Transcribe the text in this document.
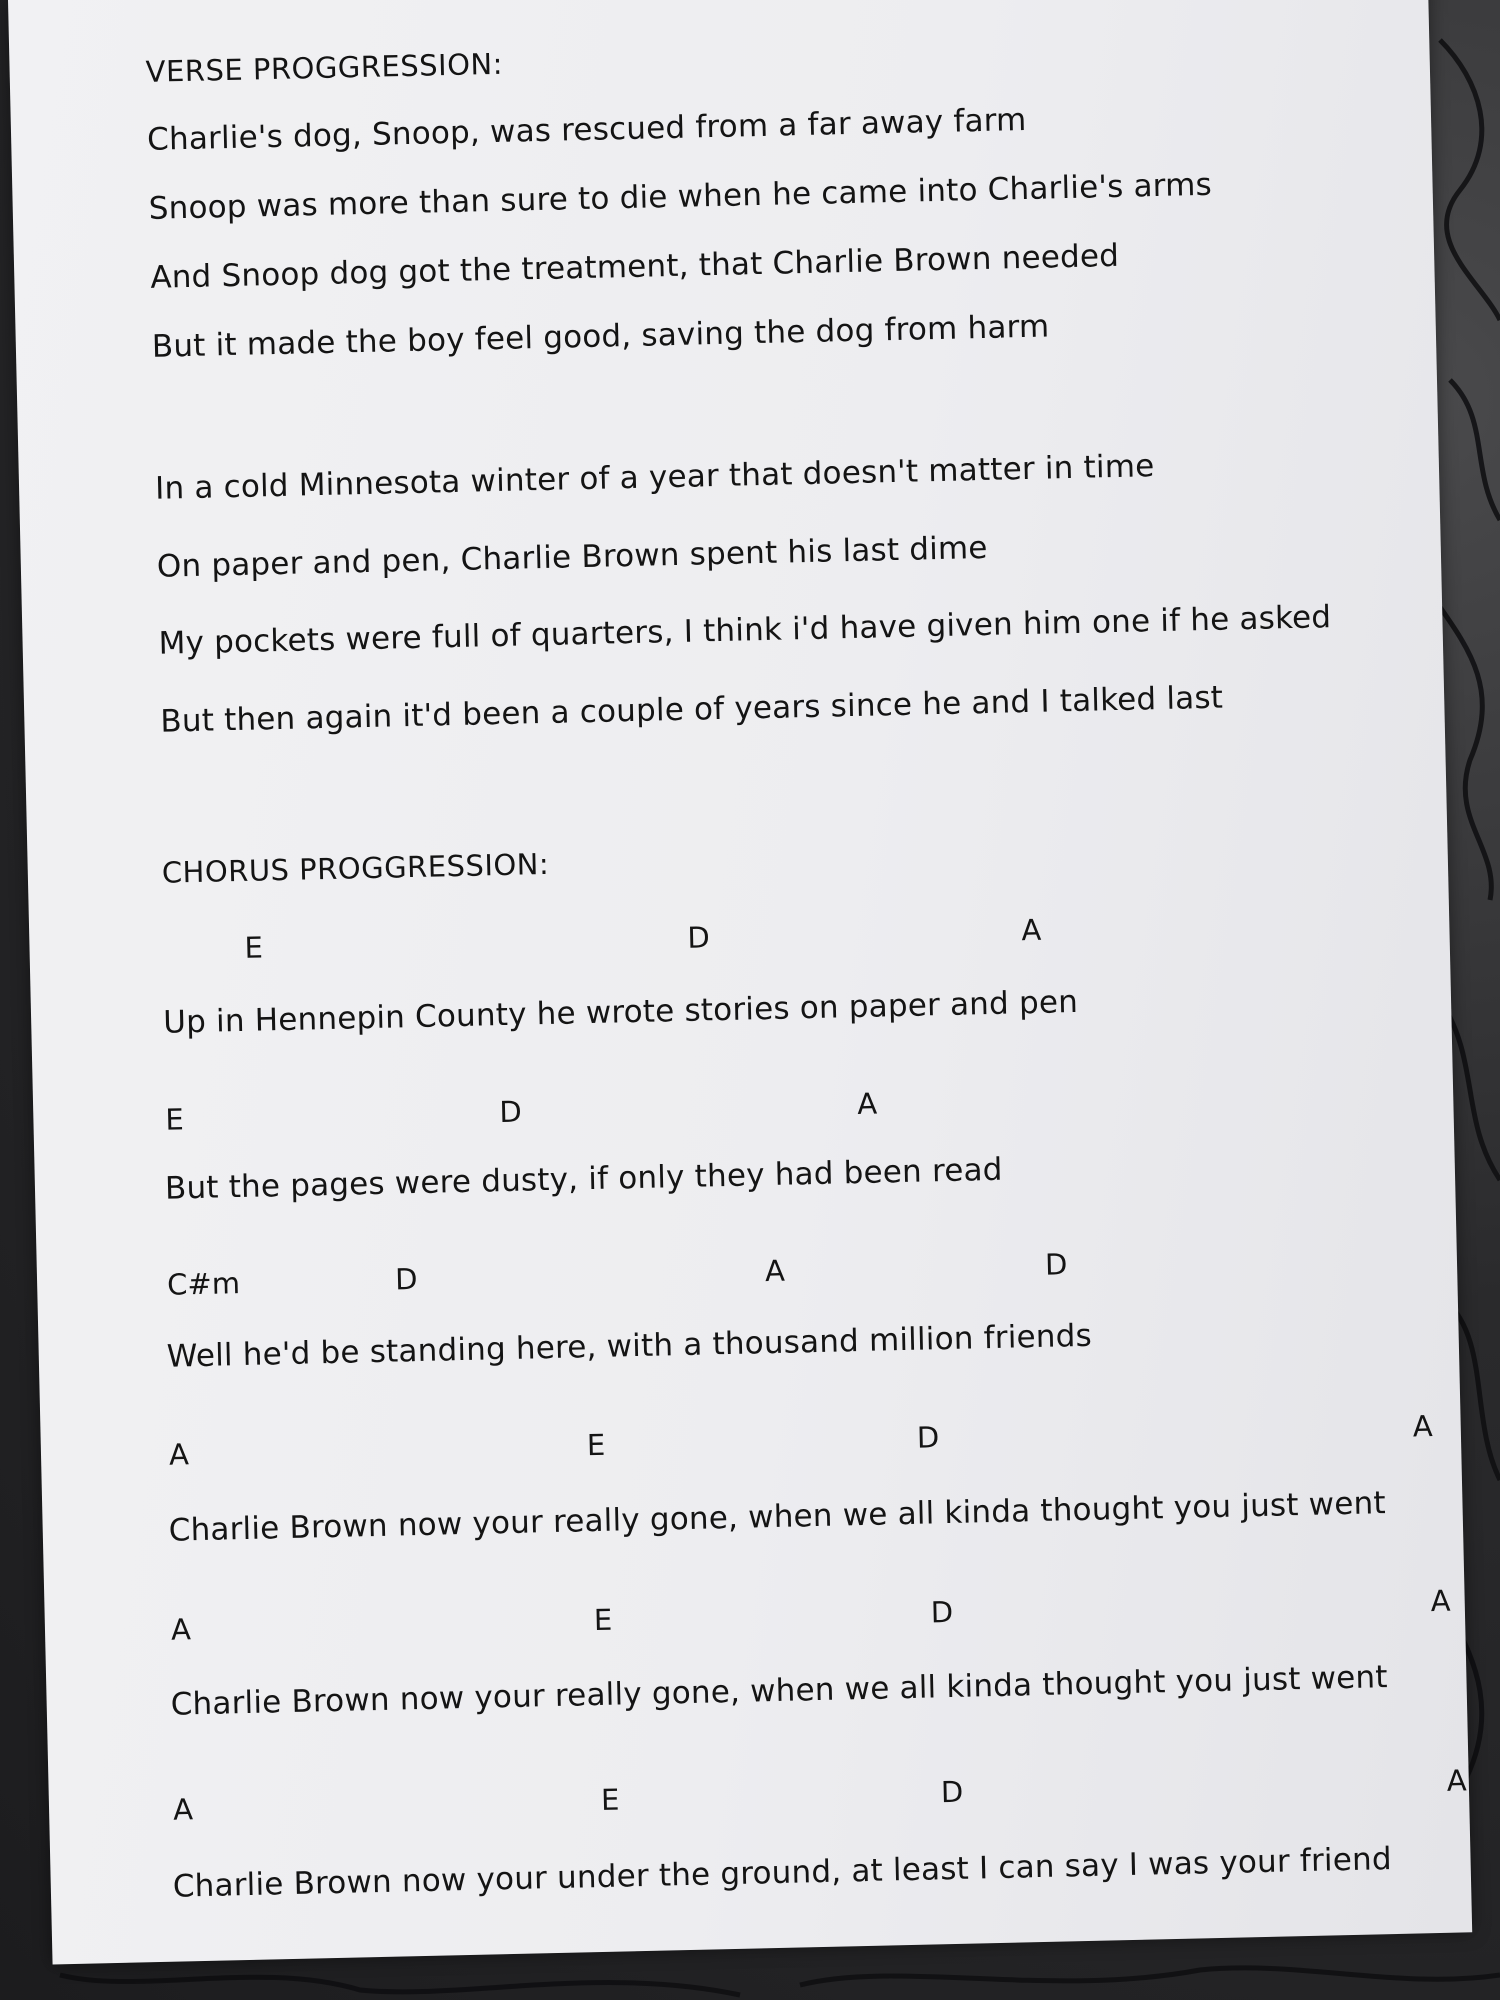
VERSE PROGGRESSION:
Charlie's dog, Snoop, was rescued from a far away farm
Snoop was more than sure to die when he came into Charlie's arms
And Snoop dog got the treatment, that Charlie Brown needed
But it made the boy feel good, saving the dog from harm
In a cold Minnesota winter of a year that doesn't matter in time
On paper and pen, Charlie Brown spent his last dime
My pockets were full of quarters, I think i'd have given him one if he asked
But then again it'd been a couple of years since he and I talked last
CHORUS PROGGRESSION:
E	D	A
Up in Hennepin County he wrote stories on paper and pen
E	D	A
But the pages were dusty, if only they had been read
C#m	D	A	D
Well he'd be standing here, with a thousand million friends
A	E	D	A
Charlie Brown now your really gone, when we all kinda thought you just went
A	E	D	A
Charlie Brown now your really gone, when we all kinda thought you just went
A	E	D	A
Charlie Brown now your under the ground, at least I can say I was your friend
